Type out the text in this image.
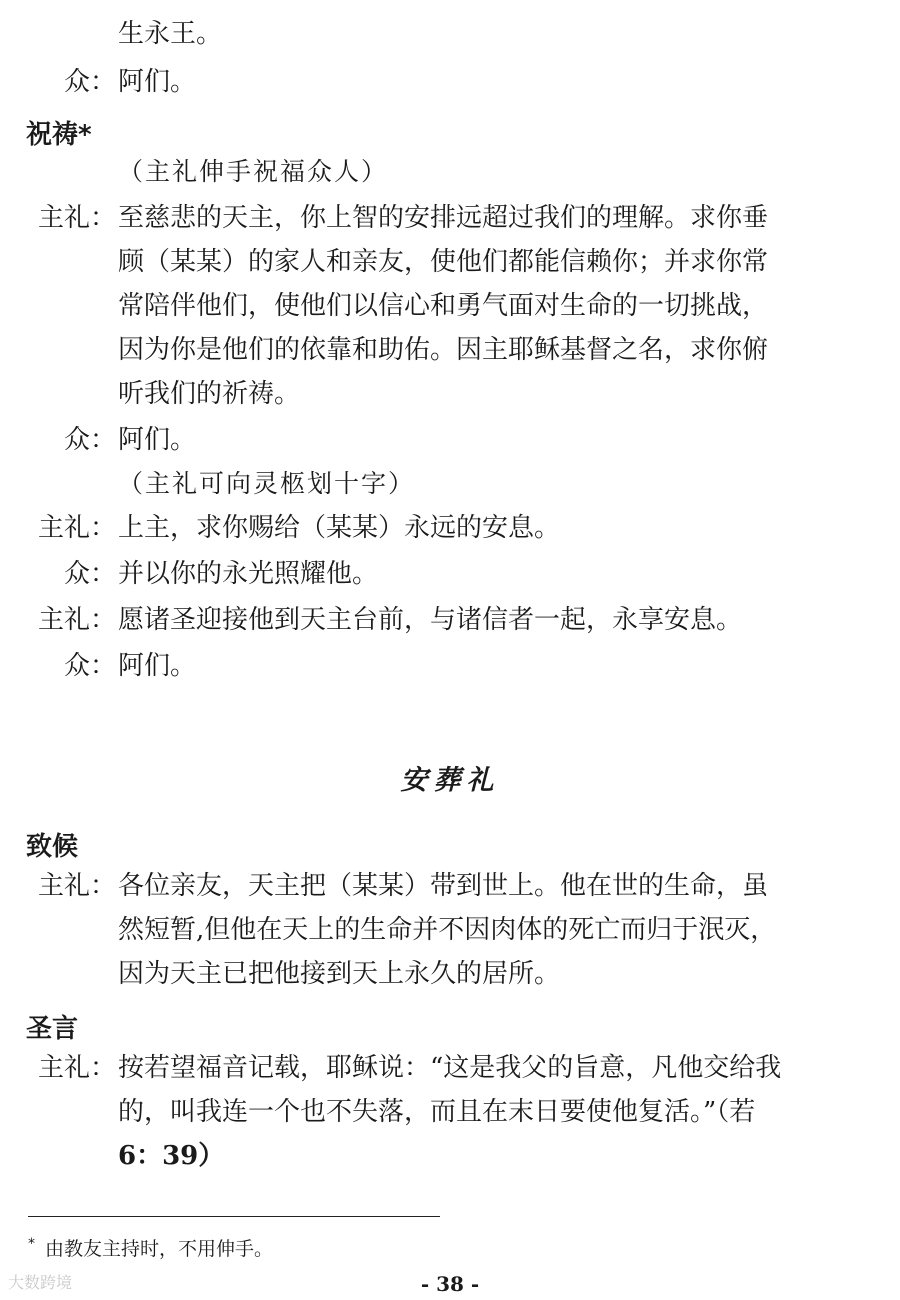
生永王。
众： 阿们。
祝祷*
（主礼伸手祝福众人）
主礼： 至慈悲的天主，你上智的安排远超过我们的理解。求你垂
顾（某某）的家人和亲友，使他们都能信赖你；并求你常
常陪伴他们，使他们以信心和勇气面对生命的一切挑战，
因为你是他们的依靠和助佑。因主耶稣基督之名，求你俯
听我们的祈祷。
众： 阿们。
（主礼可向灵柩划十字）
主礼： 上主，求你赐给（某某）永远的安息。
众： 并以你的永光照耀他。
主礼： 愿诸圣迎接他到天主台前，与诸信者一起，永享安息。
众： 阿们。
安葬礼
致候
主礼： 各位亲友，天主把（某某）带到世上。他在世的生命，虽
然短暂,但他在天上的生命并不因肉体的死亡而归于泯灭，
因为天主已把他接到天上永久的居所。
圣言
主礼： 按若望福音记载，耶稣说：“这是我父的旨意，凡他交给我
的，叫我连一个也不失落，而且在末日要使他复活。”（若
6：39）
* 由教友主持时，不用伸手。
大数跨境	- 38 -
